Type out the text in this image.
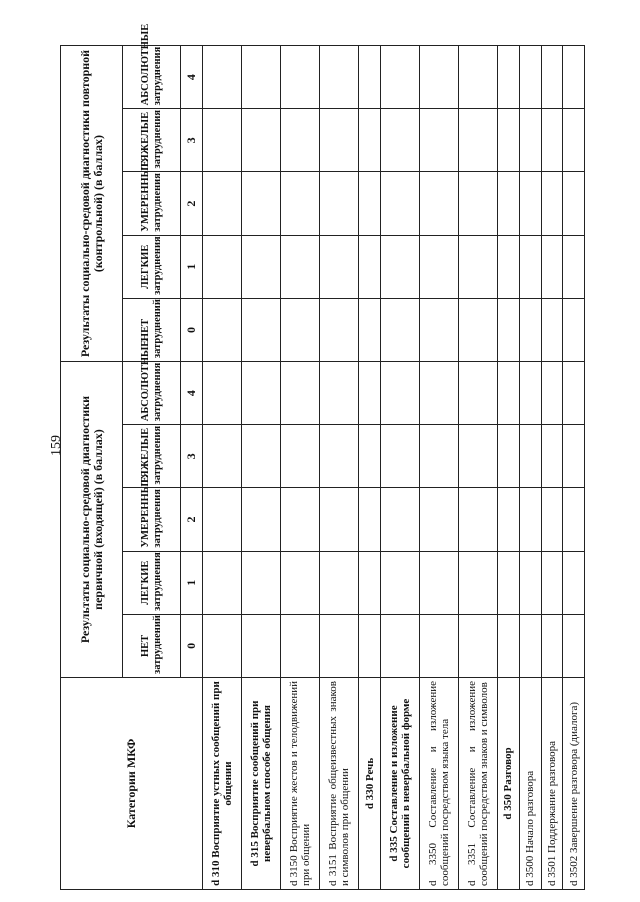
159
Категории МКФ	Результаты социально-средовой диагностики первичной (входящей) (в баллах)					Результаты социально-средовой диагностики повторной (контрольной) (в баллах)				
	НЕТ затруднений	ЛЕГКИЕ затруднения	УМЕРЕННЫЕ затруднения	ТЯЖЕЛЫЕ затруднения	АБСОЛЮТНЫЕ затруднения	НЕТ затруднений	ЛЕГКИЕ затруднения	УМЕРЕННЫЕ затруднения	ТЯЖЕЛЫЕ затруднения	АБСОЛЮТНЫЕ затруднения
	0	1	2	3	4	0	1	2	3	4
d 310 Восприятие устных сообщений при общении										
d 315 Восприятие сообщений при невербальном способе общения										
d 3150 Восприятие жестов и телодвижений при общении										
d 3151 Восприятие общеизвестных знаков и символов при общении										
d 330 Речь										
d 335 Составление и изложение сообщений в невербальной форме										
d 3350 Составление и изложение сообщений посредством языка тела										
d 3351 Составление и изложение сообщений посредством знаков и символов										
d 350 Разговор										
d 3500 Начало разговора										
d 3501 Поддержание разговора										
d 3502 Завершение разговора (диалога)										
